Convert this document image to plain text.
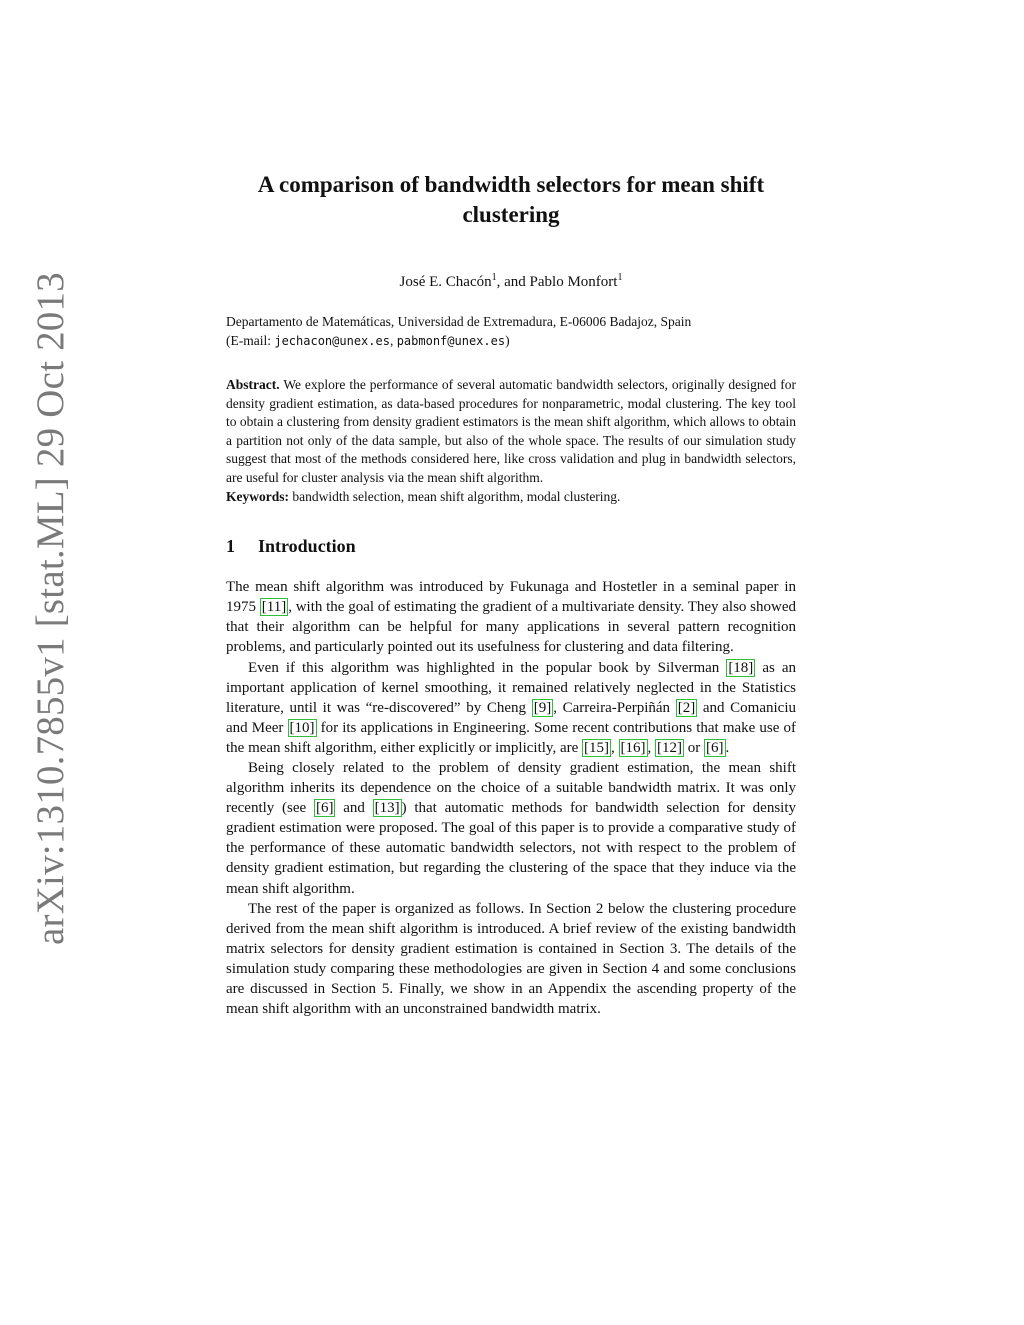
arXiv:1310.7855v1 [stat.ML] 29 Oct 2013
A comparison of bandwidth selectors for mean shift clustering
José E. Chacón$^1$, and Pablo Monfort$^1$
Departamento de Matemáticas, Universidad de Extremadura, E-06006 Badajoz, Spain
(E-mail: jechacon@unex.es, pabmonf@unex.es)
Abstract. We explore the performance of several automatic bandwidth selectors, originally designed for density gradient estimation, as data-based procedures for nonparametric, modal clustering. The key tool to obtain a clustering from density gradient estimators is the mean shift algorithm, which allows to obtain a partition not only of the data sample, but also of the whole space. The results of our simulation study suggest that most of the methods considered here, like cross validation and plug in bandwidth selectors, are useful for cluster analysis via the mean shift algorithm.
Keywords: bandwidth selection, mean shift algorithm, modal clustering.
1 Introduction

The mean shift algorithm was introduced by Fukunaga and Hostetler in a seminal paper in 1975 [11] , with the goal of estimating the gradient of a multivariate density. They also showed that their algorithm can be helpful for many applications in several pattern recognition problems, and particularly pointed out its usefulness for clustering and data filtering.

Even if this algorithm was highlighted in the popular book by Silverman [18] as an important application of kernel smoothing, it remained relatively neglected in the Statistics literature, until it was “re-discovered” by Cheng [9] , Carreira-Perpiñán [2] and Comaniciu and Meer [10] for its applications in Engineering. Some recent contributions that make use of the mean shift algorithm, either explicitly or implicitly, are [15] , [16] , [12] or [6] .

Being closely related to the problem of density gradient estimation, the mean shift algorithm inherits its dependence on the choice of a suitable bandwidth matrix. It was only recently (see [6] and [13] ) that automatic methods for bandwidth selection for density gradient estimation were proposed. The goal of this paper is to provide a comparative study of the performance of these automatic bandwidth selectors, not with respect to the problem of density gradient estimation, but regarding the clustering of the space that they induce via the mean shift algorithm.

The rest of the paper is organized as follows. In Section 2 below the clustering procedure derived from the mean shift algorithm is introduced. A brief review of the existing bandwidth matrix selectors for density gradient estimation is contained in Section 3. The details of the simulation study comparing these methodologies are given in Section 4 and some conclusions are discussed in Section 5. Finally, we show in an Appendix the ascending property of the mean shift algorithm with an unconstrained bandwidth matrix.
